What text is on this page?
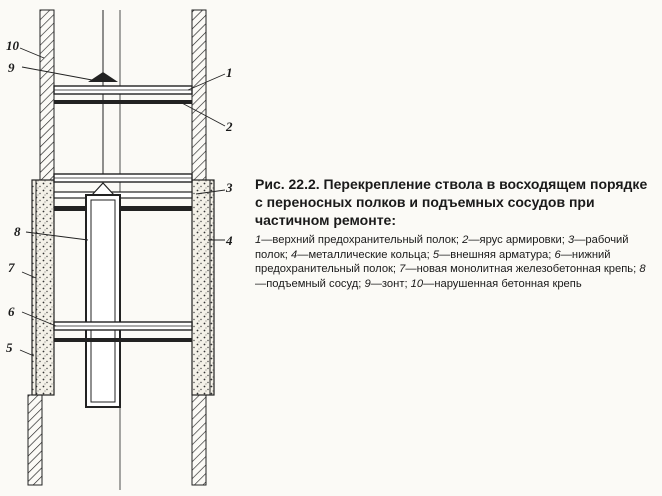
10
9	1
2
3
4
8
7
6
5

Рис. 22.2. Перекрепление ствола в восходящем порядке с переносных полков и подъемных сосудов при частичном ремонте:

1—верхний предохранительный полок; 2—ярус армировки; 3—рабочий полок; 4—металлические кольца; 5—внешняя арматура; 6—нижний предохранительный полок; 7—новая монолитная железобетонная крепь; 8—подъемный сосуд; 9—зонт; 10—нарушенная бетонная крепь
